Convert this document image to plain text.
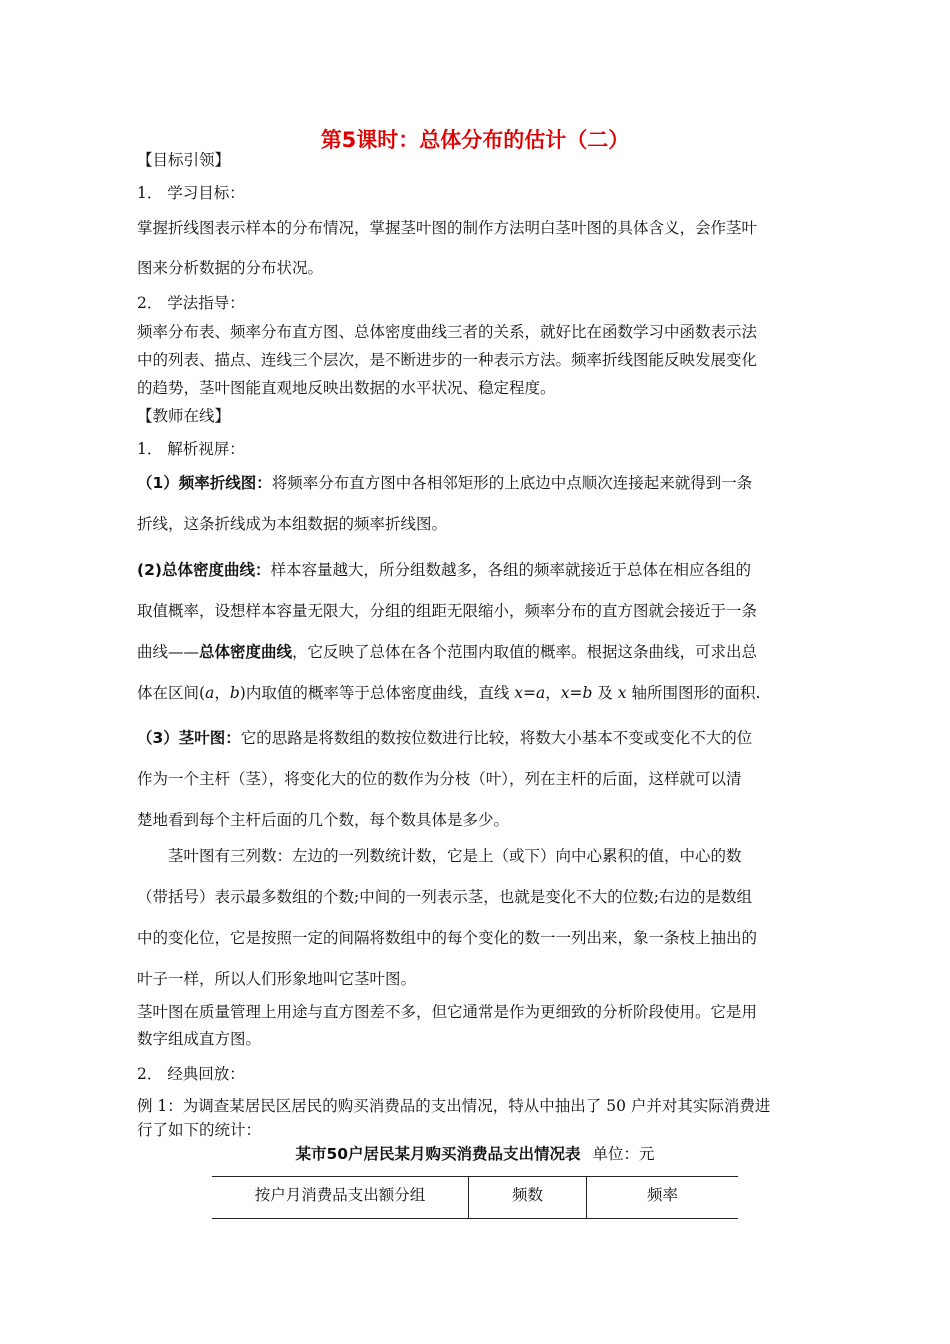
第5课时：总体分布的估计（二）
【目标引领】
1． 学习目标：
掌握折线图表示样本的分布情况，掌握茎叶图的制作方法明白茎叶图的具体含义，会作茎叶
图来分析数据的分布状况。
2． 学法指导：
频率分布表、频率分布直方图、总体密度曲线三者的关系，就好比在函数学习中函数表示法
中的列表、描点、连线三个层次，是不断进步的一种表示方法。频率折线图能反映发展变化
的趋势，茎叶图能直观地反映出数据的水平状况、稳定程度。
【教师在线】
1． 解析视屏：
（1）频率折线图：将频率分布直方图中各相邻矩形的上底边中点顺次连接起来就得到一条
折线，这条折线成为本组数据的频率折线图。
(2)总体密度曲线：样本容量越大，所分组数越多，各组的频率就接近于总体在相应各组的
取值概率，设想样本容量无限大，分组的组距无限缩小，频率分布的直方图就会接近于一条
曲线——总体密度曲线，它反映了总体在各个范围内取值的概率。根据这条曲线，可求出总
体在区间(a，b)内取值的概率等于总体密度曲线，直线 x=a，x=b 及 x 轴所围图形的面积.
（3）茎叶图：它的思路是将数组的数按位数进行比较，将数大小基本不变或变化不大的位
作为一个主杆（茎），将变化大的位的数作为分枝（叶），列在主杆的后面，这样就可以清
楚地看到每个主杆后面的几个数，每个数具体是多少。
茎叶图有三列数：左边的一列数统计数，它是上（或下）向中心累积的值，中心的数
（带括号）表示最多数组的个数;中间的一列表示茎，也就是变化不大的位数;右边的是数组
中的变化位，它是按照一定的间隔将数组中的每个变化的数一一列出来，象一条枝上抽出的
叶子一样，所以人们形象地叫它茎叶图。
茎叶图在质量管理上用途与直方图差不多，但它通常是作为更细致的分析阶段使用。它是用
数字组成直方图。
2． 经典回放：
例 1：为调查某居民区居民的购买消费品的支出情况，特从中抽出了 50 户并对其实际消费进
行了如下的统计：
某市50户居民某月购买消费品支出情况表 单位：元
按户月消费品支出额分组	频数	频率
